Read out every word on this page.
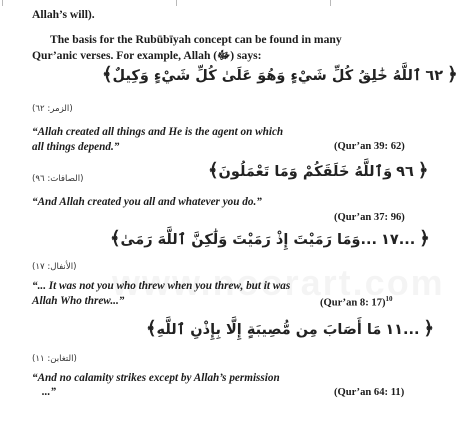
Allah’s will).
The basis for the Rubūbīyah concept can be found in many
Qur’anic verses. For example, Allah (ﷻ) says:
﴾	٦٢ ٱللَّهُ خَٰلِقُ كُلِّ شَيْءٍ وَهُوَ عَلَىٰ كُلِّ شَيْءٍ وَكِيلٌ ﴿
(الزمر: ٦٢)
“Allah created all things and He is the agent on which
all things depend.”	(Qur’an 39: 62)
(الصافات: ٩٦)	﴾	٩٦ وَٱللَّهُ خَلَقَكُمْ وَمَا تَعْمَلُونَ ﴿
“And Allah created you all and whatever you do.”
(Qur’an 37: 96)
﴾	١٧ ...وَمَا رَمَيْتَ إِذْ رَمَيْتَ وَلَٰكِنَّ ٱللَّهَ رَمَىٰ... ﴿
(الأنفال: ١٧)
“... It was not you who threw when you threw, but it was
Allah Who threw...”	(Qur’an 8: 17)$^{10}$
﴾	١١ مَا أَصَابَ مِن مُّصِيبَةٍ إِلَّا بِإِذْنِ ٱللَّهِ... ﴿
(التغابن: ١١)
“And no calamity strikes except by Allah’s permission
...”	(Qur’an 64: 11)
